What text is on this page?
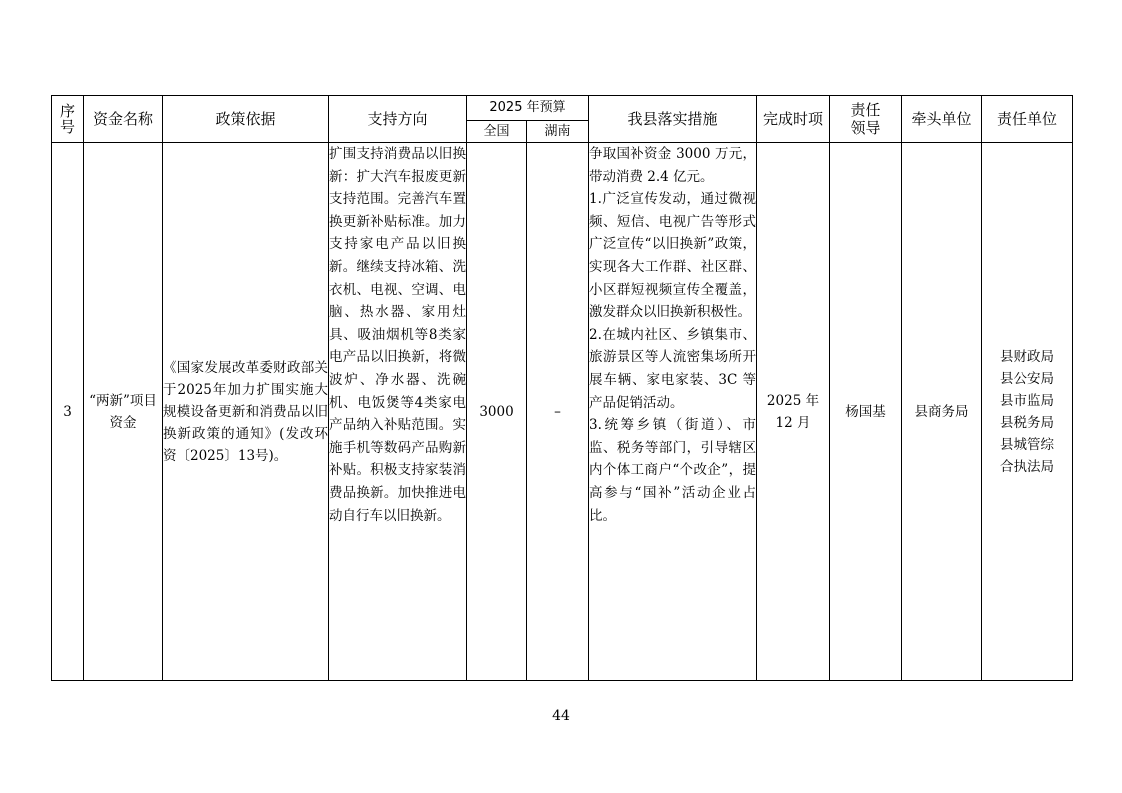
序号	资金名称	政策依据	支持方向	2025 年预算		我县落实措施	完成时项	责任领导	牵头单位	责任单位
				全国	湖南					
3	“两新”项目资金	《国家发展改革委财政部关于2025年加力扩围实施大规模设备更新和消费品以旧换新政策的通知》(发改环资〔2025〕13号)。	扩围支持消费品以旧换新：扩大汽车报废更新支持范围。完善汽车置换更新补贴标准。加力支持家电产品以旧换新。继续支持冰箱、洗衣机、电视、空调、电脑、热水器、家用灶具、吸油烟机等8类家电产品以旧换新，将微波炉、净水器、洗碗机、电饭煲等4类家电产品纳入补贴范围。实施手机等数码产品购新补贴。积极支持家装消费品换新。加快推进电动自行车以旧换新。	3000	–	争取国补资金 3000 万元，带动消费 2.4 亿元。
1.广泛宣传发动，通过微视频、短信、电视广告等形式广泛宣传“以旧换新”政策，实现各大工作群、社区群、小区群短视频宣传全覆盖，激发群众以旧换新积极性。
2.在城内社区、乡镇集市、旅游景区等人流密集场所开展车辆、家电家装、3C 等产品促销活动。
3.统筹乡镇（街道）、市监、税务等部门，引导辖区内个体工商户“个改企”，提高参与“国补”活动企业占比。	2025 年12 月	杨国基	县商务局	县财政局县公安局县市监局县税务局县城管综合执法局
44
